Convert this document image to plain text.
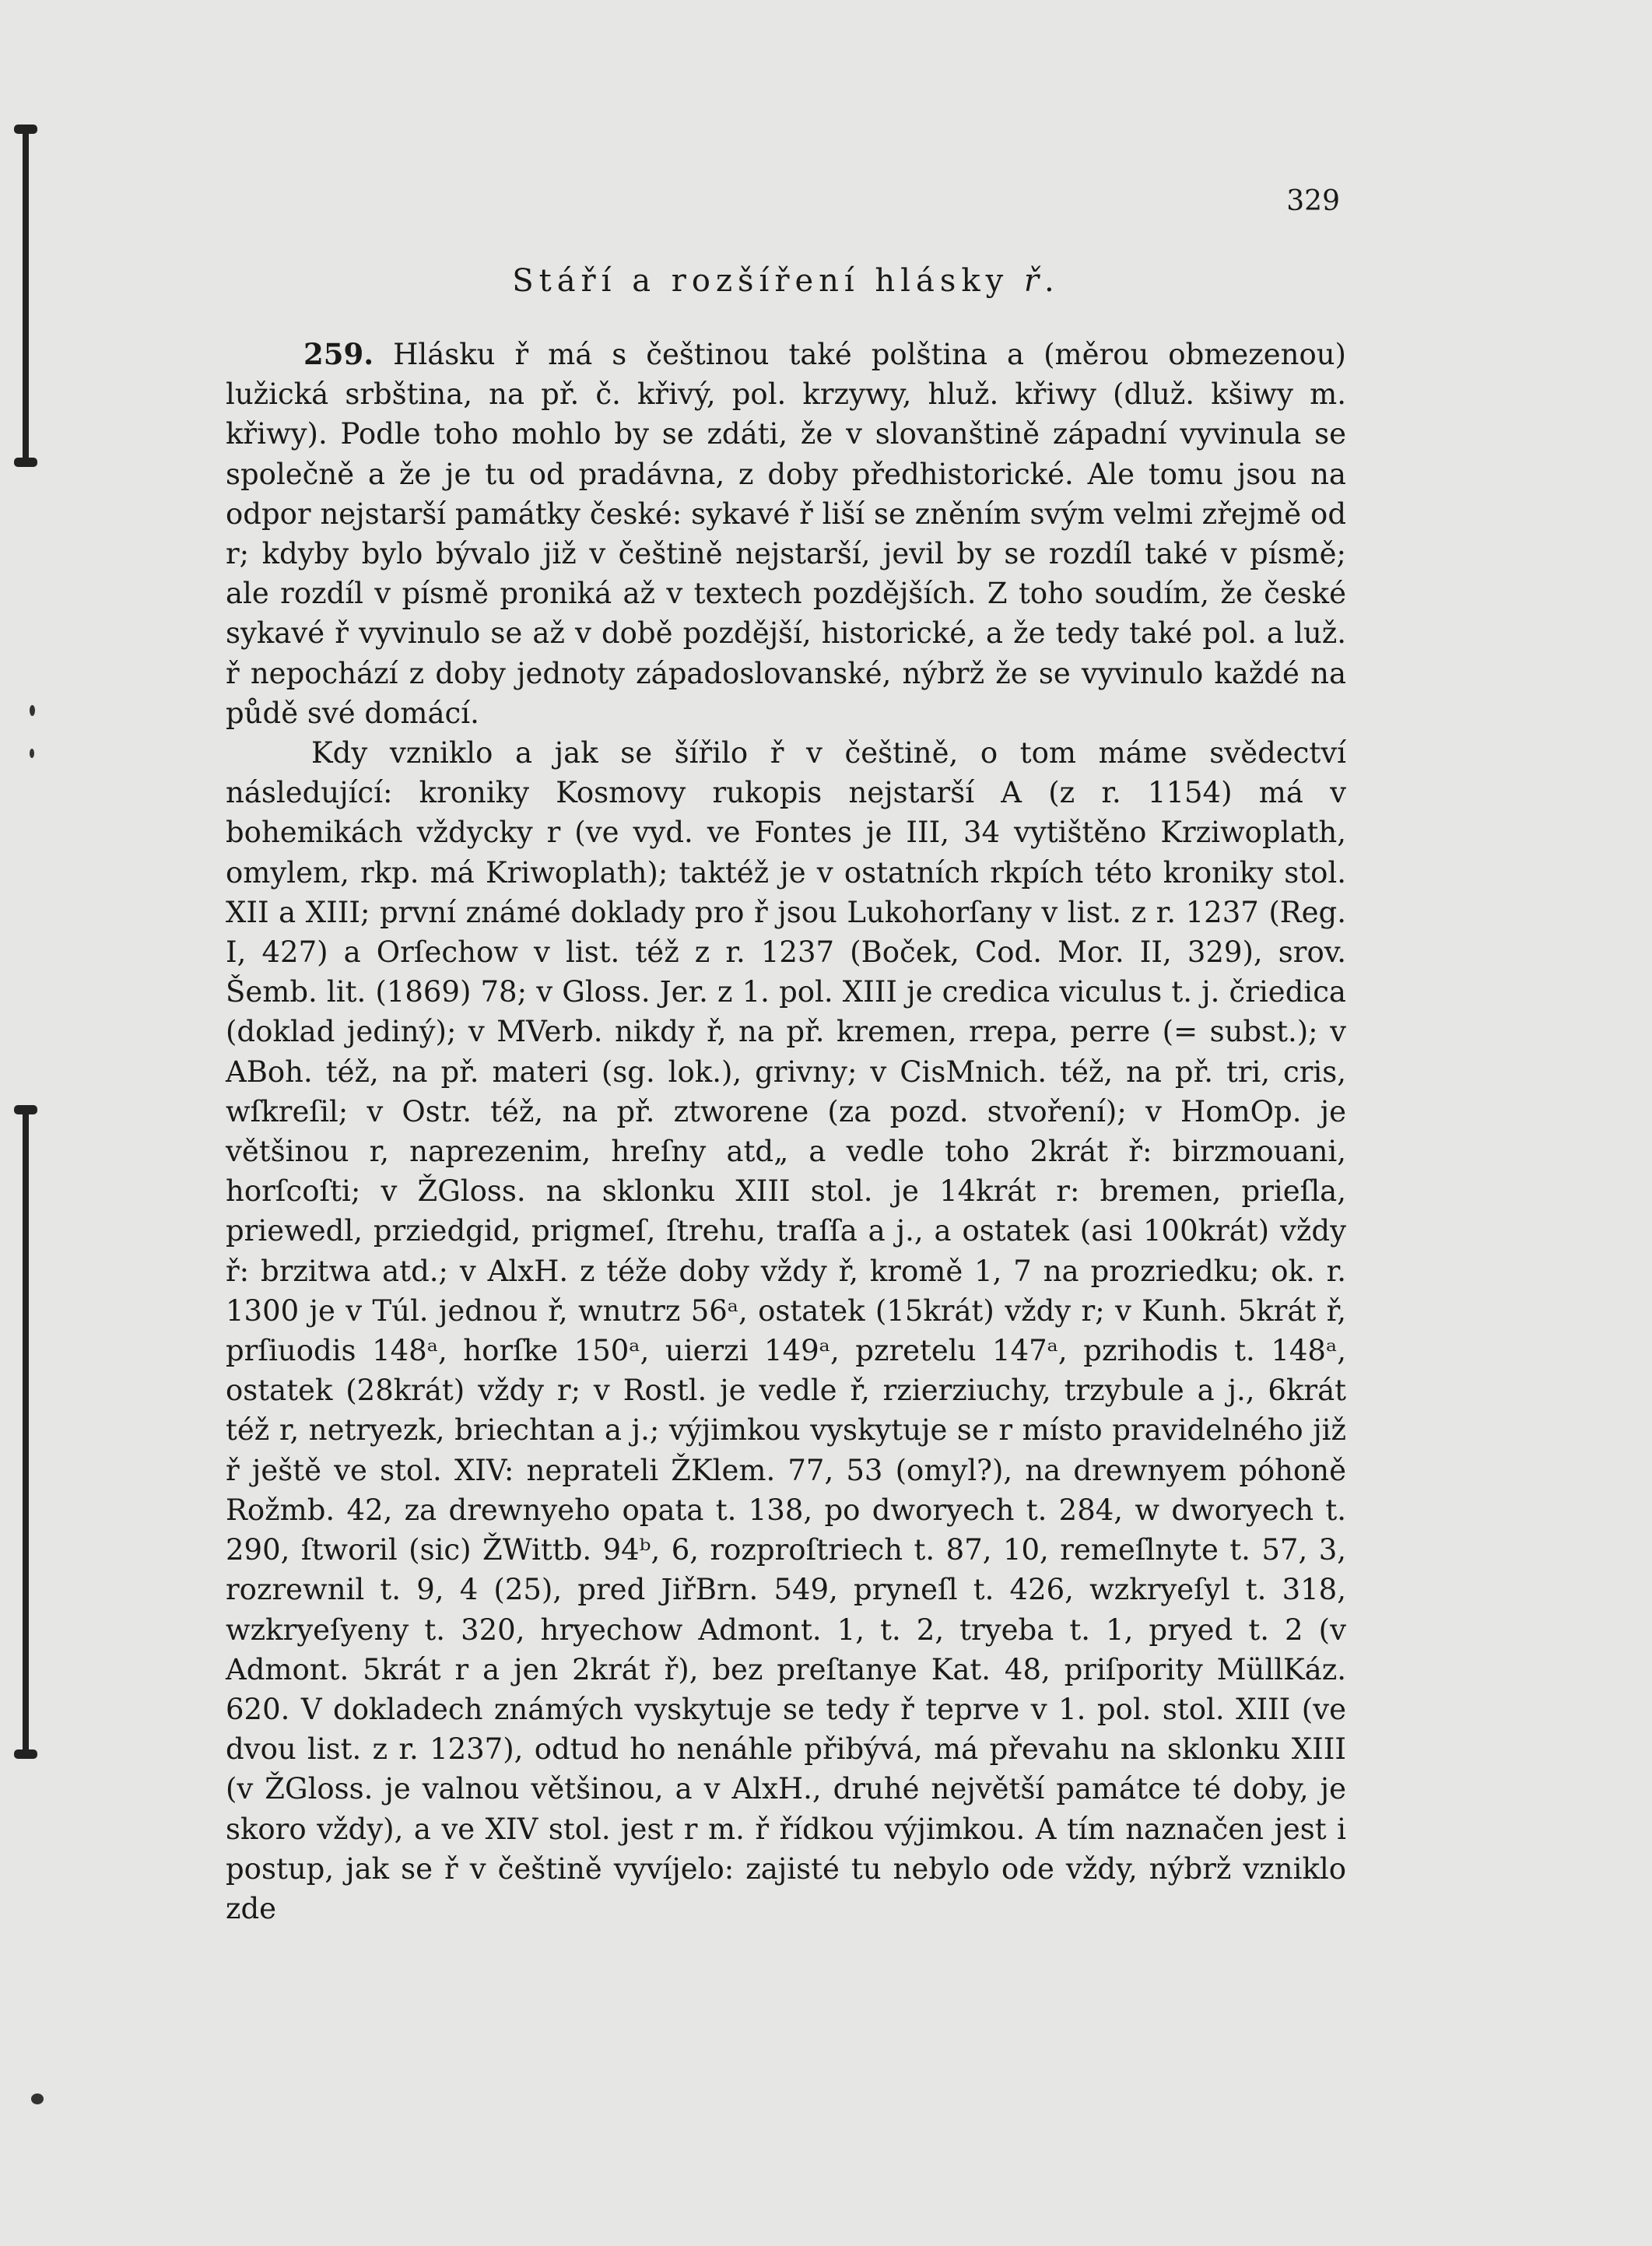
329
Stáří a rozšíření hlásky ř.

259. Hlásku ř má s češtinou také polština a (měrou obmezenou) lužická srbština, na př. č. křivý, pol. krzywy, hluž. křiwy (dluž. kšiwy m. křiwy). Podle toho mohlo by se zdáti, že v slovanštině západní vyvinula se společně a že je tu od pradávna, z doby předhistorické. Ale tomu jsou na odpor nejstarší památky české: sykavé ř liší se zněním svým velmi zřejmě od r; kdyby bylo bývalo již v češtině nejstarší, jevil by se rozdíl také v písmě; ale rozdíl v písmě proniká až v textech pozdějších. Z toho soudím, že české sykavé ř vyvinulo se až v době pozdější, historické, a že tedy také pol. a luž. ř nepochází z doby jednoty západoslovanské, nýbrž že se vyvinulo každé na půdě své domácí.

Kdy vzniklo a jak se šířilo ř v češtině, o tom máme svědectví následující: kroniky Kosmovy rukopis nejstarší A (z r. 1154) má v bohemikách vždycky r (ve vyd. ve Fontes je III, 34 vytištěno Krziwoplath, omylem, rkp. má Kriwoplath); taktéž je v ostatních rkpích této kroniky stol. XII a XIII; první známé doklady pro ř jsou Lukohorſany v list. z r. 1237 (Reg. I, 427) a Orſechow v list. též z r. 1237 (Boček, Cod. Mor. II, 329), srov. Šemb. lit. (1869) 78; v Gloss. Jer. z 1. pol. XIII je credica viculus t. j. čriedica (doklad jediný); v MVerb. nikdy ř, na př. kremen, rrepa, perre (= subst.); v ABoh. též, na př. materi (sg. lok.), grivny; v CisMnich. též, na př. tri, cris, wſkreſil; v Ostr. též, na př. ztworene (za pozd. stvoření); v HomOp. je většinou r, naprezenim, hreſny atd„ a vedle toho 2krát ř: birzmouani, horſcoſti; v ŽGloss. na sklonku XIII stol. je 14krát r: bremen, prieſla, priewedl, prziedgid, prigmeſ, ſtrehu, traſſa a j., a ostatek (asi 100krát) vždy ř: brzitwa atd.; v AlxH. z téže doby vždy ř, kromě 1, 7 na prozriedku; ok. r. 1300 je v Túl. jednou ř, wnutrz 56ᵃ, ostatek (15krát) vždy r; v Kunh. 5krát ř, prſiuodis 148ᵃ, horſke 150ᵃ, uierzi 149ᵃ, pzretelu 147ᵃ, pzrihodis t. 148ᵃ, ostatek (28krát) vždy r; v Rostl. je vedle ř, rzierziuchy, trzybule a j., 6krát též r, netryezk, briechtan a j.; výjimkou vyskytuje se r místo pravidelného již ř ještě ve stol. XIV: neprateli ŽKlem. 77, 53 (omyl?), na drewnyem póhoně Rožmb. 42, za drewnyeho opata t. 138, po dworyech t. 284, w dworyech t. 290, ſtworil (sic) ŽWittb. 94ᵇ, 6, rozproſtriech t. 87, 10, remeſlnyte t. 57, 3, rozrewnil t. 9, 4 (25), pred JiřBrn. 549, pryneſl t. 426, wzkryeſyl t. 318, wzkryeſyeny t. 320, hryechow Admont. 1, t. 2, tryeba t. 1, pryed t. 2 (v Admont. 5krát r a jen 2krát ř), bez preſtanye Kat. 48, priſpority MüllKáz. 620. V dokladech známých vyskytuje se tedy ř teprve v 1. pol. stol. XIII (ve dvou list. z r. 1237), odtud ho nenáhle přibývá, má převahu na sklonku XIII (v ŽGloss. je valnou většinou, a v AlxH., druhé největší památce té doby, je skoro vždy), a ve XIV stol. jest r m. ř řídkou výjimkou. A tím naznačen jest i postup, jak se ř v češtině vyvíjelo: zajisté tu nebylo ode vždy, nýbrž vzniklo zde
